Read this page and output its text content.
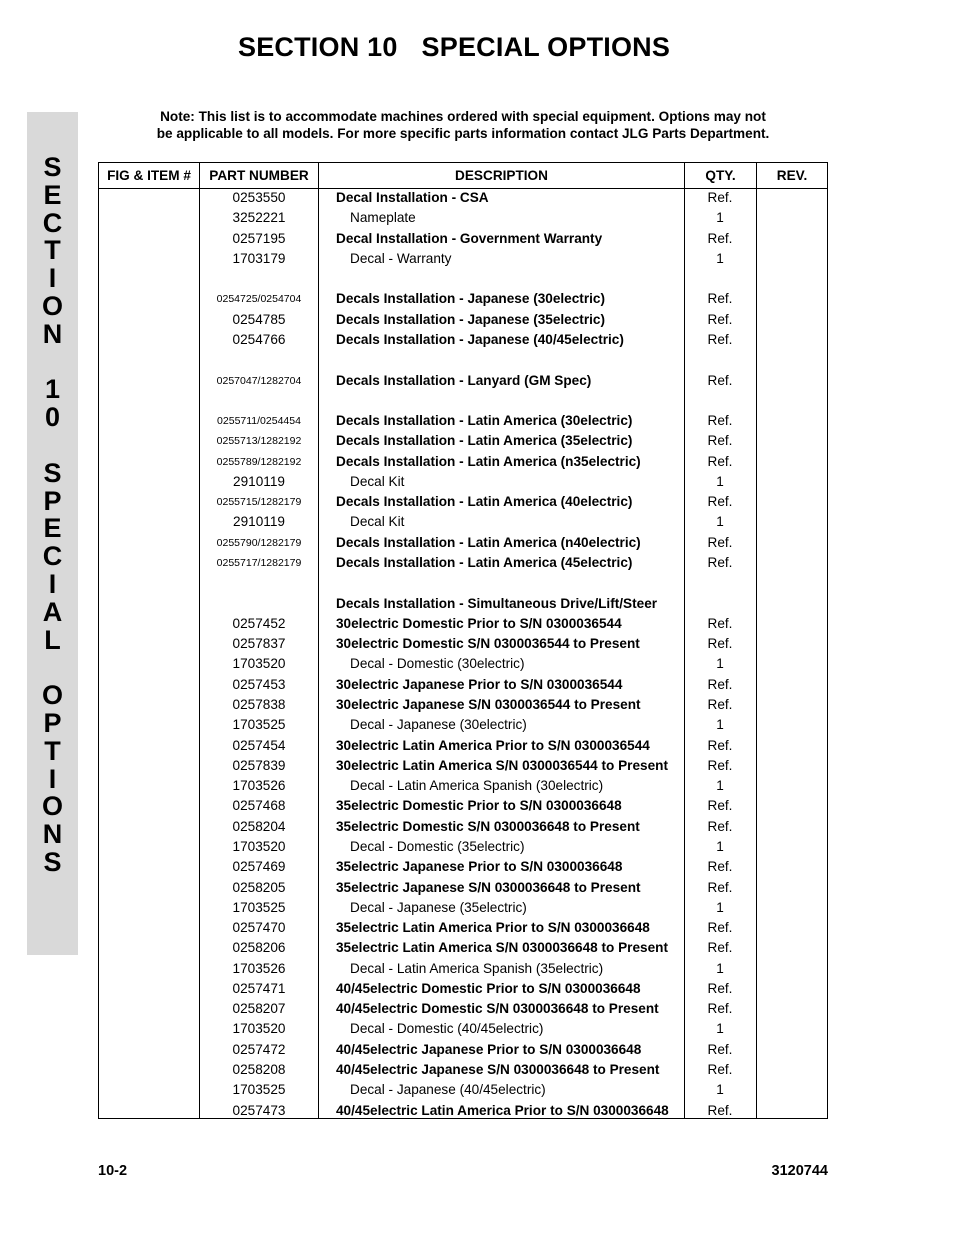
SECTION 10 SPECIAL OPTIONS
S
E
C
T
I
O
N
1
0
S
P
E
C
I
A
L
O
P
T
I
O
N
S
Note: This list is to accommodate machines ordered with special equipment. Options may not
be applicable to all models. For more specific parts information contact JLG Parts Department.
FIG & ITEM #	PART NUMBER	DESCRIPTION	QTY.	REV.
0253550	Decal Installation - CSA	Ref.
3252221	Nameplate	1
0257195	Decal Installation - Government Warranty	Ref.
1703179	Decal - Warranty	1
0254725/0254704	Decals Installation - Japanese (30electric)	Ref.
0254785	Decals Installation - Japanese (35electric)	Ref.
0254766	Decals Installation - Japanese (40/45electric)	Ref.
0257047/1282704	Decals Installation - Lanyard (GM Spec)	Ref.
0255711/0254454	Decals Installation - Latin America (30electric)	Ref.
0255713/1282192	Decals Installation - Latin America (35electric)	Ref.
0255789/1282192	Decals Installation - Latin America (n35electric)	Ref.
2910119	Decal Kit	1
0255715/1282179	Decals Installation - Latin America (40electric)	Ref.
2910119	Decal Kit	1
0255790/1282179	Decals Installation - Latin America (n40electric)	Ref.
0255717/1282179	Decals Installation - Latin America (45electric)	Ref.
Decals Installation - Simultaneous Drive/Lift/Steer
0257452	30electric Domestic Prior to S/N 0300036544	Ref.
0257837	30electric Domestic S/N 0300036544 to Present	Ref.
1703520	Decal - Domestic (30electric)	1
0257453	30electric Japanese Prior to S/N 0300036544	Ref.
0257838	30electric Japanese S/N 0300036544 to Present	Ref.
1703525	Decal - Japanese (30electric)	1
0257454	30electric Latin America Prior to S/N 0300036544	Ref.
0257839	30electric Latin America S/N 0300036544 to Present	Ref.
1703526	Decal - Latin America Spanish (30electric)	1
0257468	35electric Domestic Prior to S/N 0300036648	Ref.
0258204	35electric Domestic S/N 0300036648 to Present	Ref.
1703520	Decal - Domestic (35electric)	1
0257469	35electric Japanese Prior to S/N 0300036648	Ref.
0258205	35electric Japanese S/N 0300036648 to Present	Ref.
1703525	Decal - Japanese (35electric)	1
0257470	35electric Latin America Prior to S/N 0300036648	Ref.
0258206	35electric Latin America S/N 0300036648 to Present	Ref.
1703526	Decal - Latin America Spanish (35electric)	1
0257471	40/45electric Domestic Prior to S/N 0300036648	Ref.
0258207	40/45electric Domestic S/N 0300036648 to Present	Ref.
1703520	Decal - Domestic (40/45electric)	1
0257472	40/45electric Japanese Prior to S/N 0300036648	Ref.
0258208	40/45electric Japanese S/N 0300036648 to Present	Ref.
1703525	Decal - Japanese (40/45electric)	1
0257473	40/45electric Latin America Prior to S/N 0300036648	Ref.
10-2	3120744
